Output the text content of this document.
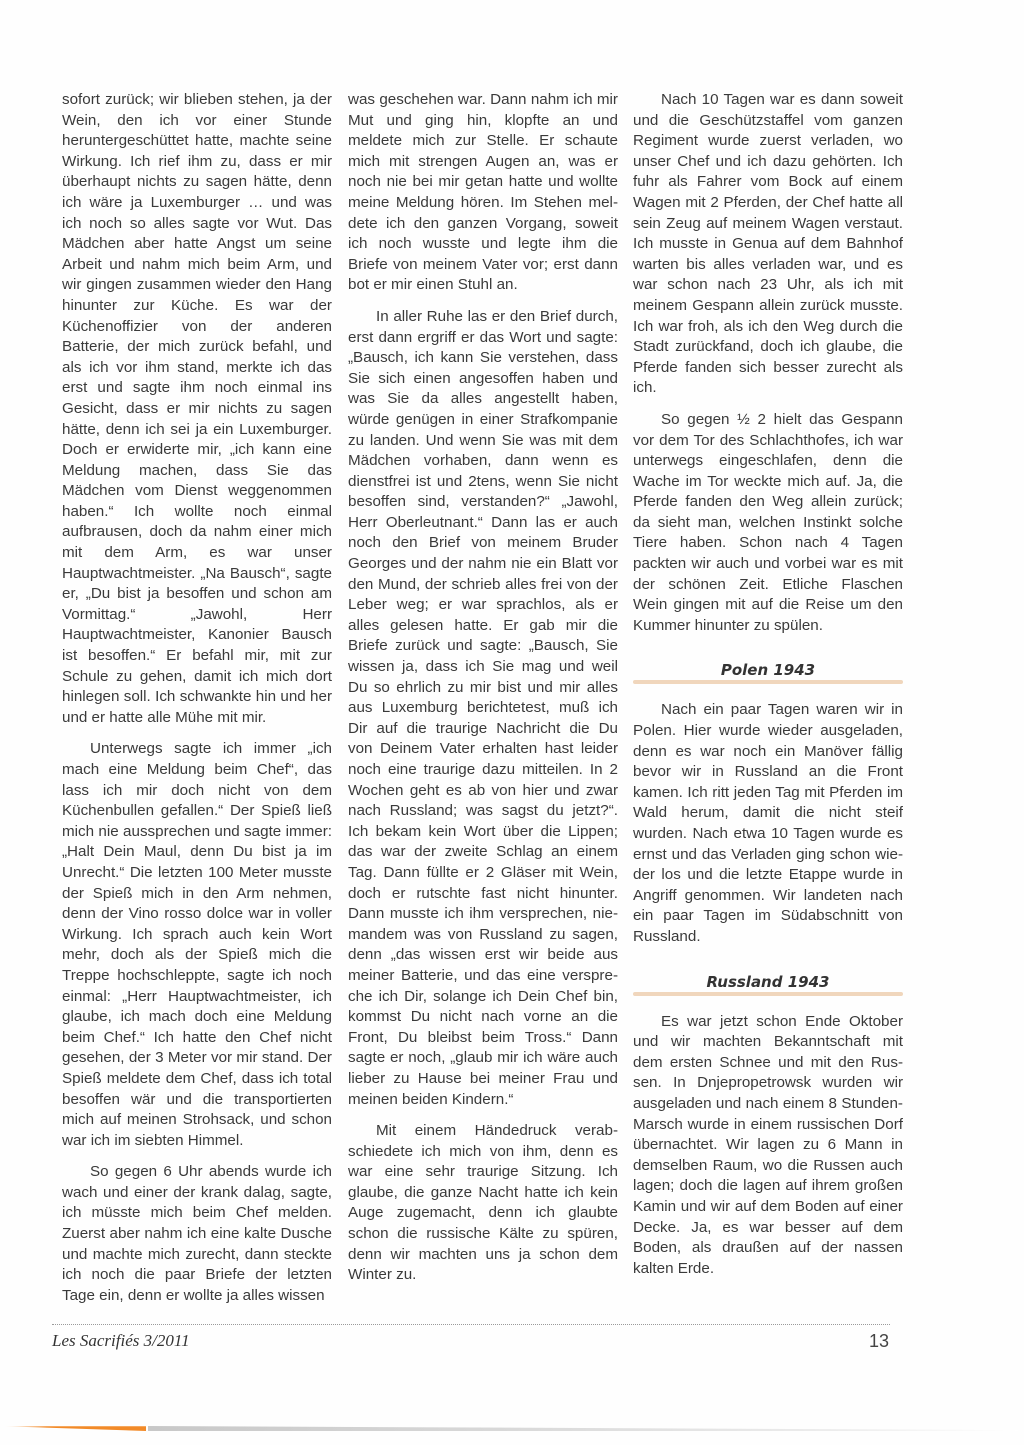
sofort zurück; wir blieben stehen, ja der Wein, den ich vor einer Stunde heruntergeschüttet hatte, machte seine Wirkung. Ich rief ihm zu, dass er mir überhaupt nichts zu sagen hätte, denn ich wäre ja Luxemburger … und was ich noch so alles sagte vor Wut. Das Mädchen aber hatte Angst um seine Arbeit und nahm mich beim Arm, und wir gingen zusammen wieder den Hang hinunter zur Küche. Es war der Küchenoffizier von der anderen Batterie, der mich zurück befahl, und als ich vor ihm stand, merkte ich das erst und sagte ihm noch einmal ins Gesicht, dass er mir nichts zu sagen hätte, denn ich sei ja ein Luxemburger. Doch er erwiderte mir, „ich kann eine Meldung machen, dass Sie das Mädchen vom Dienst weggenommen haben.“ Ich wollte noch einmal aufbrausen, doch da nahm einer mich mit dem Arm, es war unser Hauptwachtmeister. „Na Bausch“, sagte er, „Du bist ja besoffen und schon am Vormittag.“ „Jawohl, Herr Hauptwachtmeister, Kanonier Bausch ist besoffen.“ Er befahl mir, mit zur Schule zu gehen, damit ich mich dort hinlegen soll. Ich schwankte hin und her und er hatte alle Mühe mit mir.

Unterwegs sagte ich immer „ich mach eine Meldung beim Chef“, das lass ich mir doch nicht von dem Küchenbullen gefallen.“ Der Spieß ließ mich nie aussprechen und sagte immer: „Halt Dein Maul, denn Du bist ja im Unrecht.“ Die letzten 100 Meter musste der Spieß mich in den Arm nehmen, denn der Vino rosso dolce war in voller Wirkung. Ich sprach auch kein Wort mehr, doch als der Spieß mich die Treppe hochschleppte, sagte ich noch einmal: „Herr Hauptwachtmeister, ich glaube, ich mach doch eine Meldung beim Chef.“ Ich hatte den Chef nicht gesehen, der 3 Meter vor mir stand. Der Spieß meldete dem Chef, dass ich total besoffen wär und die transportierten mich auf meinen Strohsack, und schon war ich im siebten Himmel.

So gegen 6 Uhr abends wurde ich wach und einer der krank dalag, sagte, ich müsste mich beim Chef melden. Zuerst aber nahm ich eine kalte Dusche und machte mich zurecht, dann steckte ich noch die paar Briefe der letzten Tage ein, denn er wollte ja alles wissen

was geschehen war. Dann nahm ich mir Mut und ging hin, klopfte an und meldete mich zur Stelle. Er schaute mich mit strengen Augen an, was er noch nie bei mir getan hatte und wollte meine Meldung hören. Im Stehen meldete ich den ganzen Vorgang, soweit ich noch wusste und legte ihm die Briefe von meinem Vater vor; erst dann bot er mir einen Stuhl an.

In aller Ruhe las er den Brief durch, erst dann ergriff er das Wort und sagte: „Bausch, ich kann Sie verstehen, dass Sie sich einen angesoffen haben und was Sie da alles angestellt haben, würde genügen in einer Strafkompanie zu landen. Und wenn Sie was mit dem Mädchen vorhaben, dann wenn es dienstfrei ist und 2tens, wenn Sie nicht besoffen sind, verstanden?“ „Jawohl, Herr Oberleutnant.“ Dann las er auch noch den Brief von meinem Bruder Georges und der nahm nie ein Blatt vor den Mund, der schrieb alles frei von der Leber weg; er war sprachlos, als er alles gelesen hatte. Er gab mir die Briefe zurück und sagte: „Bausch, Sie wissen ja, dass ich Sie mag und weil Du so ehrlich zu mir bist und mir alles aus Luxemburg berichtetest, muß ich Dir auf die traurige Nachricht die Du von Deinem Vater erhalten hast leider noch eine traurige dazu mitteilen. In 2 Wochen geht es ab von hier und zwar nach Russland; was sagst du jetzt?“. Ich bekam kein Wort über die Lippen; das war der zweite Schlag an einem Tag. Dann füllte er 2 Gläser mit Wein, doch er rutschte fast nicht hinunter. Dann musste ich ihm versprechen, niemandem was von Russland zu sagen, denn „das wissen erst wir beide aus meiner Batterie, und das eine verspreche ich Dir, solange ich Dein Chef bin, kommst Du nicht nach vorne an die Front, Du bleibst beim Tross.“ Dann sagte er noch, „glaub mir ich wäre auch lieber zu Hause bei meiner Frau und meinen beiden Kindern.“

Mit einem Händedruck verabschiedete ich mich von ihm, denn es war eine sehr traurige Sitzung. Ich glaube, die ganze Nacht hatte ich kein Auge zugemacht, denn ich glaubte schon die russische Kälte zu spüren, denn wir machten uns ja schon dem Winter zu.

Nach 10 Tagen war es dann soweit und die Geschützstaffel vom ganzen Regiment wurde zuerst verladen, wo unser Chef und ich dazu gehörten. Ich fuhr als Fahrer vom Bock auf einem Wagen mit 2 Pferden, der Chef hatte all sein Zeug auf meinem Wagen verstaut. Ich musste in Genua auf dem Bahnhof warten bis alles verladen war, und es war schon nach 23 Uhr, als ich mit meinem Gespann allein zurück musste. Ich war froh, als ich den Weg durch die Stadt zurückfand, doch ich glaube, die Pferde fanden sich besser zurecht als ich.

So gegen ½ 2 hielt das Gespann vor dem Tor des Schlachthofes, ich war unterwegs eingeschlafen, denn die Wache im Tor weckte mich auf. Ja, die Pferde fanden den Weg allein zurück; da sieht man, welchen Instinkt solche Tiere haben. Schon nach 4 Tagen packten wir auch und vorbei war es mit der schönen Zeit. Etliche Flaschen Wein gingen mit auf die Reise um den Kummer hinunter zu spülen.

Polen 1943

Nach ein paar Tagen waren wir in Polen. Hier wurde wieder ausgeladen, denn es war noch ein Manöver fällig bevor wir in Russland an die Front kamen. Ich ritt jeden Tag mit Pferden im Wald herum, damit die nicht steif wurden. Nach etwa 10 Tagen wurde es ernst und das Verladen ging schon wieder los und die letzte Etappe wurde in Angriff genommen. Wir landeten nach ein paar Tagen im Südabschnitt von Russland.

Russland 1943

Es war jetzt schon Ende Oktober und wir machten Bekanntschaft mit dem ersten Schnee und mit den Russen. In Dnjepropetrowsk wurden wir ausgeladen und nach einem 8 Stunden-Marsch wurde in einem russischen Dorf übernachtet. Wir lagen zu 6 Mann in demselben Raum, wo die Russen auch lagen; doch die lagen auf ihrem großen Kamin und wir auf dem Boden auf einer Decke. Ja, es war besser auf dem Boden, als draußen auf der nassen kalten Erde.

Les Sacrifiés 3/2011	13
